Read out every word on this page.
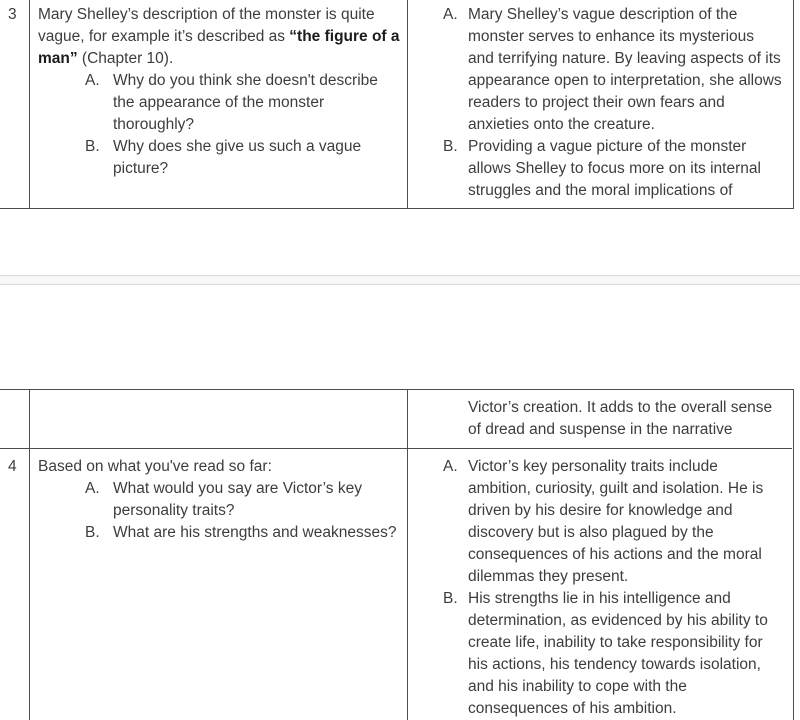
3	Mary Shelley’s description of the monster is quite vague, for example it’s described as “the figure of a man” (Chapter 10).

A. Why do you think she doesn't describe the appearance of the monster thoroughly?
B. Why does she give us such a vague picture?
A. Mary Shelley’s vague description of the monster serves to enhance its mysterious and terrifying nature. By leaving aspects of its appearance open to interpretation, she allows readers to project their own fears and anxieties onto the creature.
B. Providing a vague picture of the monster allows Shelley to focus more on its internal struggles and the moral implications of

Victor’s creation. It adds to the overall sense of dread and suspense in the narrative

4	Based on what you've read so far:

A. What would you say are Victor’s key personality traits?
B. What are his strengths and weaknesses?
A. Victor’s key personality traits include ambition, curiosity, guilt and isolation. He is driven by his desire for knowledge and discovery but is also plagued by the consequences of his actions and the moral dilemmas they present.
B. His strengths lie in his intelligence and determination, as evidenced by his ability to create life, inability to take responsibility for his actions, his tendency towards isolation, and his inability to cope with the consequences of his ambition.
